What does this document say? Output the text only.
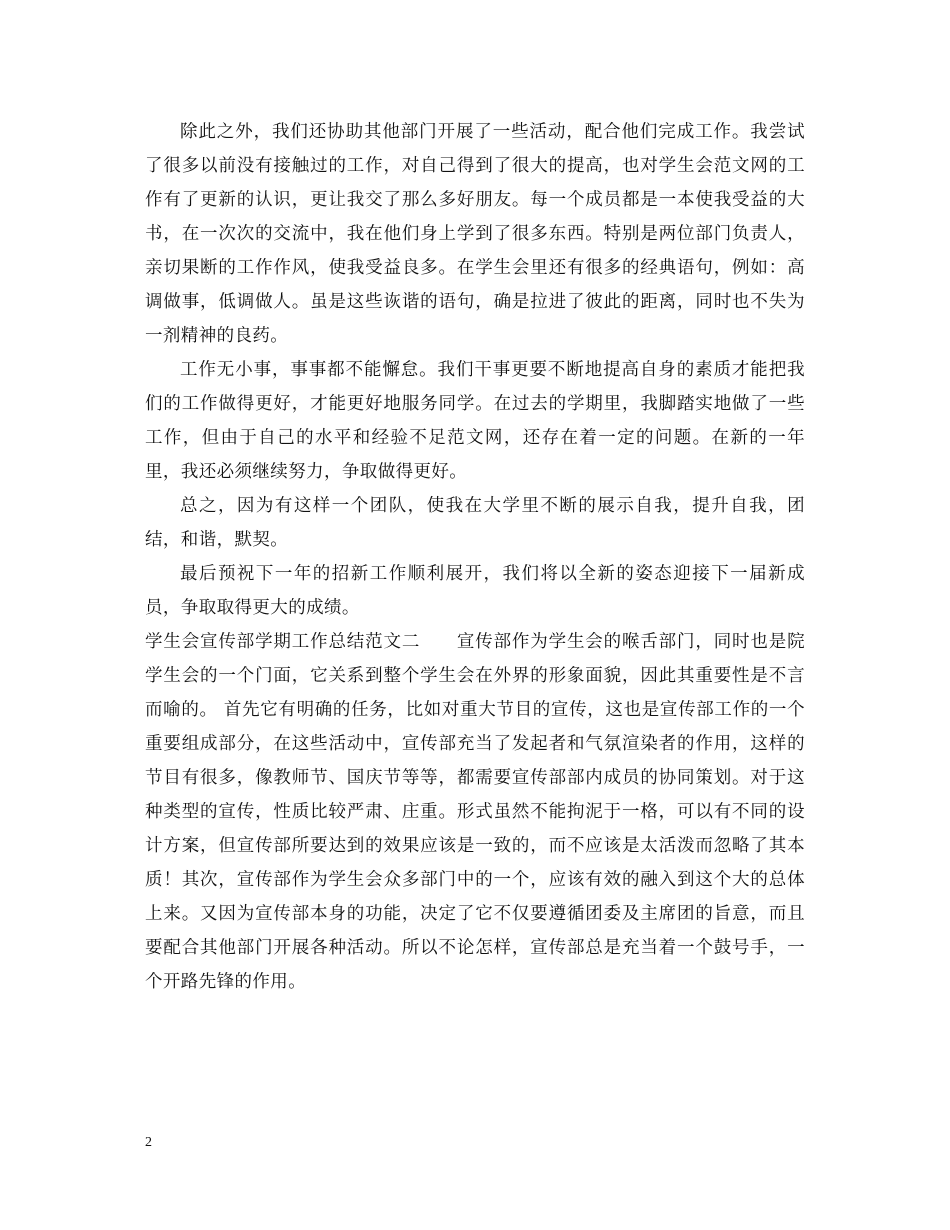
除此之外，我们还协助其他部门开展了一些活动，配合他们完成工作。我尝试了很多以前没有接触过的工作，对自己得到了很大的提高，也对学生会范文网的工作有了更新的认识，更让我交了那么多好朋友。每一个成员都是一本使我受益的大书，在一次次的交流中，我在他们身上学到了很多东西。特别是两位部门负责人，亲切果断的工作作风，使我受益良多。在学生会里还有很多的经典语句，例如：高调做事，低调做人。虽是这些诙谐的语句，确是拉进了彼此的距离，同时也不失为一剂精神的良药。

工作无小事，事事都不能懈怠。我们干事更要不断地提高自身的素质才能把我们的工作做得更好，才能更好地服务同学。在过去的学期里，我脚踏实地做了一些工作，但由于自己的水平和经验不足范文网，还存在着一定的问题。在新的一年里，我还必须继续努力，争取做得更好。

总之，因为有这样一个团队，使我在大学里不断的展示自我，提升自我，团结，和谐，默契。

最后预祝下一年的招新工作顺利展开，我们将以全新的姿态迎接下一届新成员，争取取得更大的成绩。

学生会宣传部学期工作总结范文二　　宣传部作为学生会的喉舌部门，同时也是院学生会的一个门面，它关系到整个学生会在外界的形象面貌，因此其重要性是不言而喻的。 首先它有明确的任务，比如对重大节目的宣传，这也是宣传部工作的一个重要组成部分，在这些活动中，宣传部充当了发起者和气氛渲染者的作用，这样的节目有很多，像教师节、国庆节等等，都需要宣传部部内成员的协同策划。对于这种类型的宣传，性质比较严肃、庄重。形式虽然不能拘泥于一格，可以有不同的设计方案，但宣传部所要达到的效果应该是一致的，而不应该是太活泼而忽略了其本质！其次，宣传部作为学生会众多部门中的一个，应该有效的融入到这个大的总体上来。又因为宣传部本身的功能，决定了它不仅要遵循团委及主席团的旨意，而且要配合其他部门开展各种活动。所以不论怎样，宣传部总是充当着一个鼓号手，一个开路先锋的作用。

2
